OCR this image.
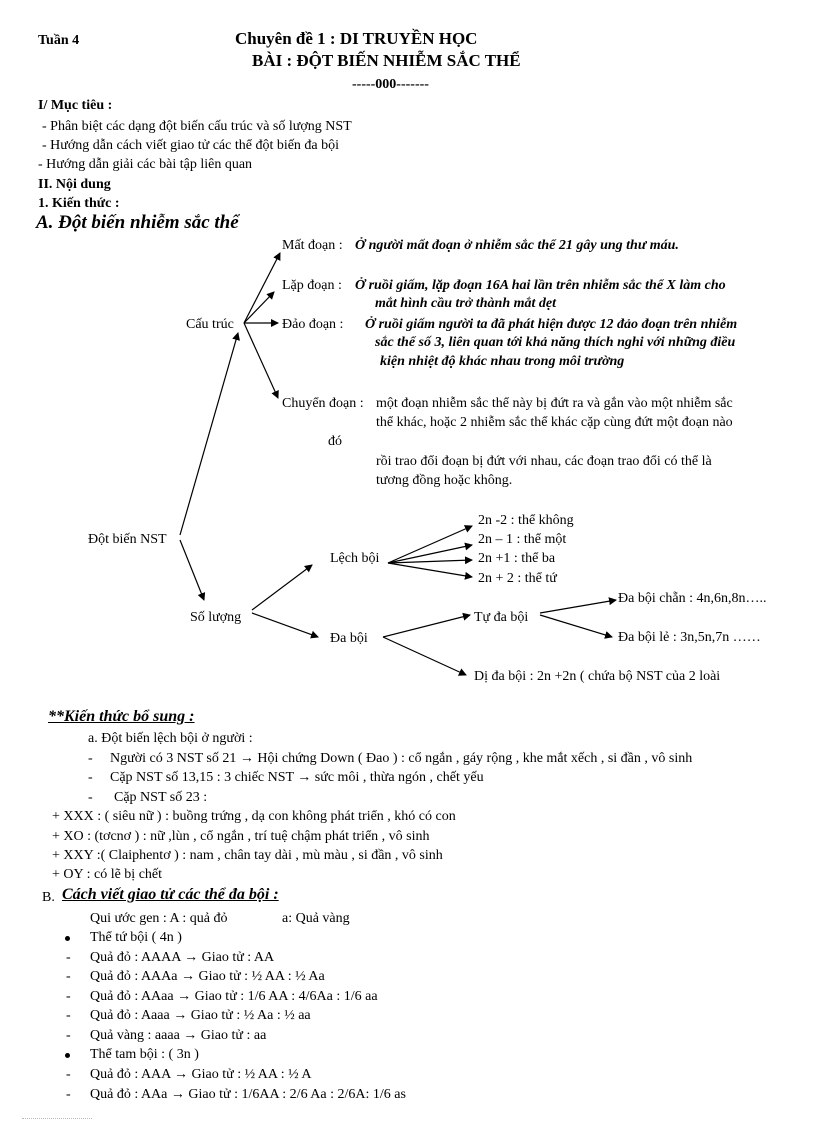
Tuần 4	Chuyên đề 1 : DI TRUYỀN HỌC
BÀI : ĐỘT BIẾN NHIỄM SẮC THỂ
-----000-------
I/ Mục tiêu :
- Phân biệt các dạng đột biến cấu trúc và số lượng NST
- Hướng dẫn cách viết giao tử các thể đột biến đa bội
- Hướng dẫn giải các bài tập liên quan
II. Nội dung
1. Kiến thức :
A. Đột biến nhiễm sắc thể
Đột biến NST
Cấu trúc
Số lượng
Mất đoạn : Ở người mất đoạn ở nhiễm sắc thể 21 gây ung thư máu.
Lặp đoạn : Ở ruồi giấm, lặp đoạn 16A hai lần trên nhiễm sắc thể X làm cho
mắt hình cầu trở thành mắt dẹt
Đảo đoạn : Ở ruồi giấm người ta đã phát hiện được 12 đảo đoạn trên nhiễm
sắc thể số 3, liên quan tới khả năng thích nghi với những điều
kiện nhiệt độ khác nhau trong môi trường
Chuyển đoạn : một đoạn nhiễm sắc thể này bị đứt ra và gắn vào một nhiễm sắc
thể khác, hoặc 2 nhiễm sắc thể khác cặp cùng đứt một đoạn nào
đó
rồi trao đổi đoạn bị đứt với nhau, các đoạn trao đổi có thể là
tương đồng hoặc không.
Lệch bội
2n -2 : thể không
2n – 1 : thể một
2n +1 : thể ba
2n + 2 : thể tứ
Đa bội
Tự đa bội
Dị đa bội : 2n +2n ( chứa bộ NST của 2 loài
Đa bội chẵn : 4n,6n,8n…..
Đa bội lẻ : 3n,5n,7n ……
**Kiến thức bổ sung :
a. Đột biến lệch bội ở người :
- Người có 3 NST số 21 → Hội chứng Down ( Đao ) : cổ ngắn , gáy rộng , khe mắt xếch , si đần , vô sinh
- Cặp NST số 13,15 : 3 chiếc NST → sức môi , thừa ngón , chết yếu
- Cặp NST số 23 :
+ XXX : ( siêu nữ ) : buồng trứng , dạ con không phát triển , khó có con
+ XO : (tơcnơ ) : nữ ,lùn , cổ ngắn , trí tuệ chậm phát triển , vô sinh
+ XXY :( Claiphentơ ) : nam , chân tay dài , mù màu , si đần , vô sinh
+ OY : có lẽ bị chết
B. Cách viết giao tử các thể đa bội :
Qui ước gen : A : quả đỏ	a: Quả vàng
Thể tứ bội ( 4n )
- Quả đỏ : AAAA → Giao tử : AA
- Quả đỏ : AAAa → Giao tử : ½ AA : ½ Aa
- Quả đỏ : AAaa → Giao tử : 1/6 AA : 4/6Aa : 1/6 aa
- Quả đỏ : Aaaa → Giao tử : ½ Aa : ½ aa
- Quả vàng : aaaa → Giao tử : aa
Thể tam bội : ( 3n )
- Quả đỏ : AAA → Giao tử : ½ AA : ½ A
- Quả đỏ : AAa → Giao tử : 1/6AA : 2/6 Aa : 2/6A: 1/6 as
